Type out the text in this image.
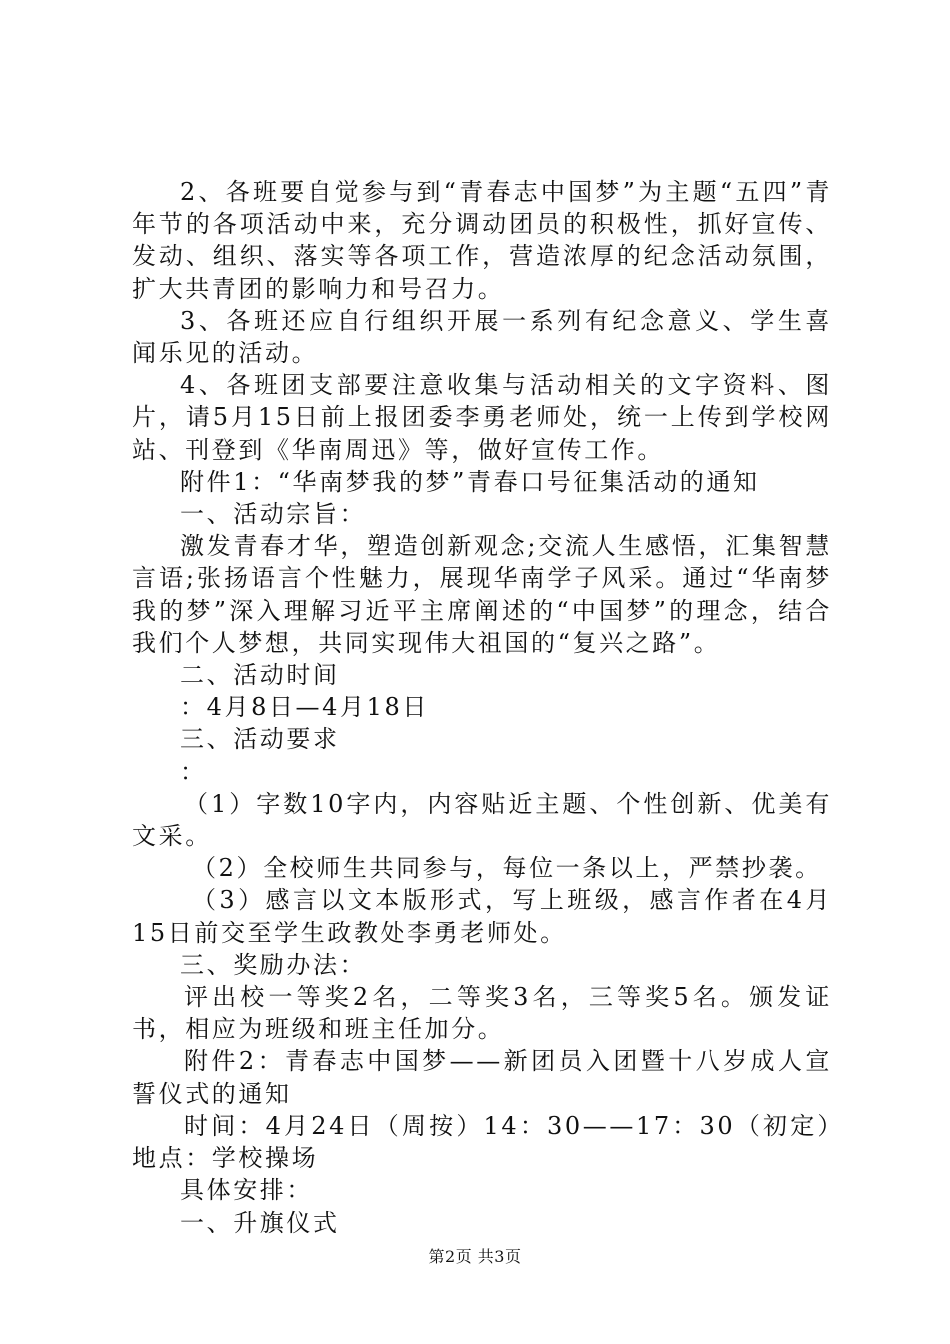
2、各班要自觉参与到“青春志中国梦”为主题“五四”青年节的各项活动中来，充分调动团员的积极性，抓好宣传、发动、组织、落实等各项工作，营造浓厚的纪念活动氛围，扩大共青团的影响力和号召力。

3、各班还应自行组织开展一系列有纪念意义、学生喜闻乐见的活动。

4、各班团支部要注意收集与活动相关的文字资料、图片，请5月15日前上报团委李勇老师处，统一上传到学校网站、刊登到《华南周迅》等，做好宣传工作。

附件1：“华南梦我的梦”青春口号征集活动的通知

一、活动宗旨：

激发青春才华，塑造创新观念;交流人生感悟，汇集智慧言语;张扬语言个性魅力，展现华南学子风采。通过“华南梦我的梦”深入理解习近平主席阐述的“中国梦”的理念，结合我们个人梦想，共同实现伟大祖国的“复兴之路”。

二、活动时间

：4月8日—4月18日

三、活动要求

：

（1）字数10字内，内容贴近主题、个性创新、优美有文采。

（2）全校师生共同参与，每位一条以上，严禁抄袭。

（3）感言以文本版形式，写上班级，感言作者在4月15日前交至学生政教处李勇老师处。

三、奖励办法：

评出校一等奖2名，二等奖3名，三等奖5名。颁发证书，相应为班级和班主任加分。

附件2：青春志中国梦——新团员入团暨十八岁成人宣誓仪式的通知

时间：4月24日（周按）14：30——17：30（初定）地点：学校操场

具体安排：

一、升旗仪式

第2页 共3页
